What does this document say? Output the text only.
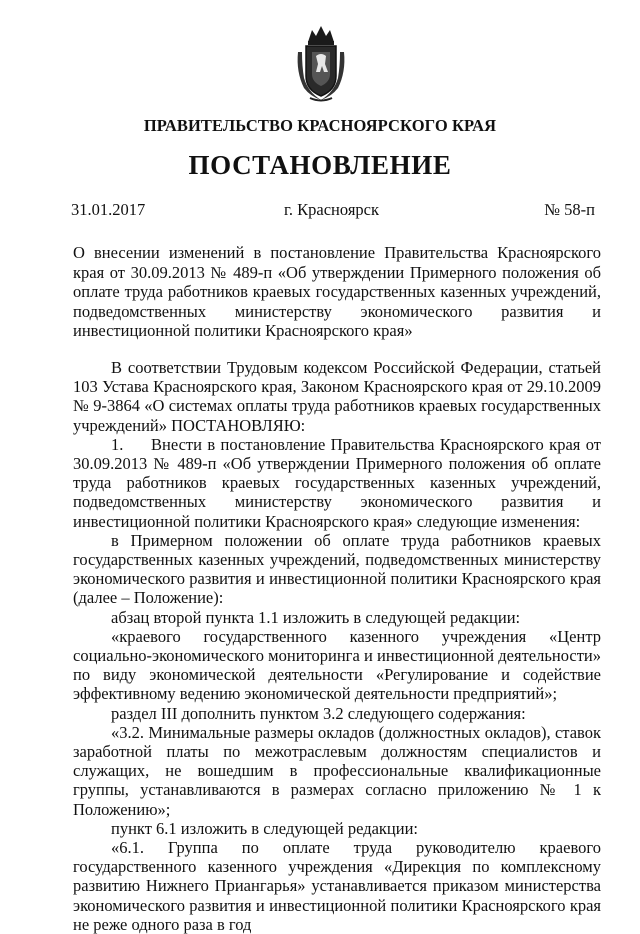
ПРАВИТЕЛЬСТВО КРАСНОЯРСКОГО КРАЯ
ПОСТАНОВЛЕНИЕ
31.01.2017	г. Красноярск	№ 58-п
О внесении изменений в постановление Правительства Красноярского края от 30.09.2013 № 489-п «Об утверждении Примерного положения об оплате труда работников краевых государственных казенных учреждений, подведомственных министерству экономического развития и инвестиционной политики Красноярского края»

В соответствии Трудовым кодексом Российской Федерации, статьей 103 Устава Красноярского края, Законом Красноярского края от 29.10.2009 № 9-3864 «О системах оплаты труда работников краевых государственных учреждений» ПОСТАНОВЛЯЮ:

1. Внести в постановление Правительства Красноярского края от 30.09.2013 № 489-п «Об утверждении Примерного положения об оплате труда работников краевых государственных казенных учреждений, подведомственных министерству экономического развития и инвестиционной политики Красноярского края» следующие изменения:

в Примерном положении об оплате труда работников краевых государственных казенных учреждений, подведомственных министерству экономического развития и инвестиционной политики Красноярского края (далее – Положение):

абзац второй пункта 1.1 изложить в следующей редакции:

«краевого государственного казенного учреждения «Центр социально-экономического мониторинга и инвестиционной деятельности» по виду экономической деятельности «Регулирование и содействие эффективному ведению экономической деятельности предприятий»;

раздел III дополнить пунктом 3.2 следующего содержания:

«3.2. Минимальные размеры окладов (должностных окладов), ставок заработной платы по межотраслевым должностям специалистов и служащих, не вошедшим в профессиональные квалификационные группы, устанавливаются в размерах согласно приложению № 1 к Положению»;

пункт 6.1 изложить в следующей редакции:

«6.1. Группа по оплате труда руководителю краевого государственного казенного учреждения «Дирекция по комплексному развитию Нижнего Приангарья» устанавливается приказом министерства экономического развития и инвестиционной политики Красноярского края не реже одного раза в год
